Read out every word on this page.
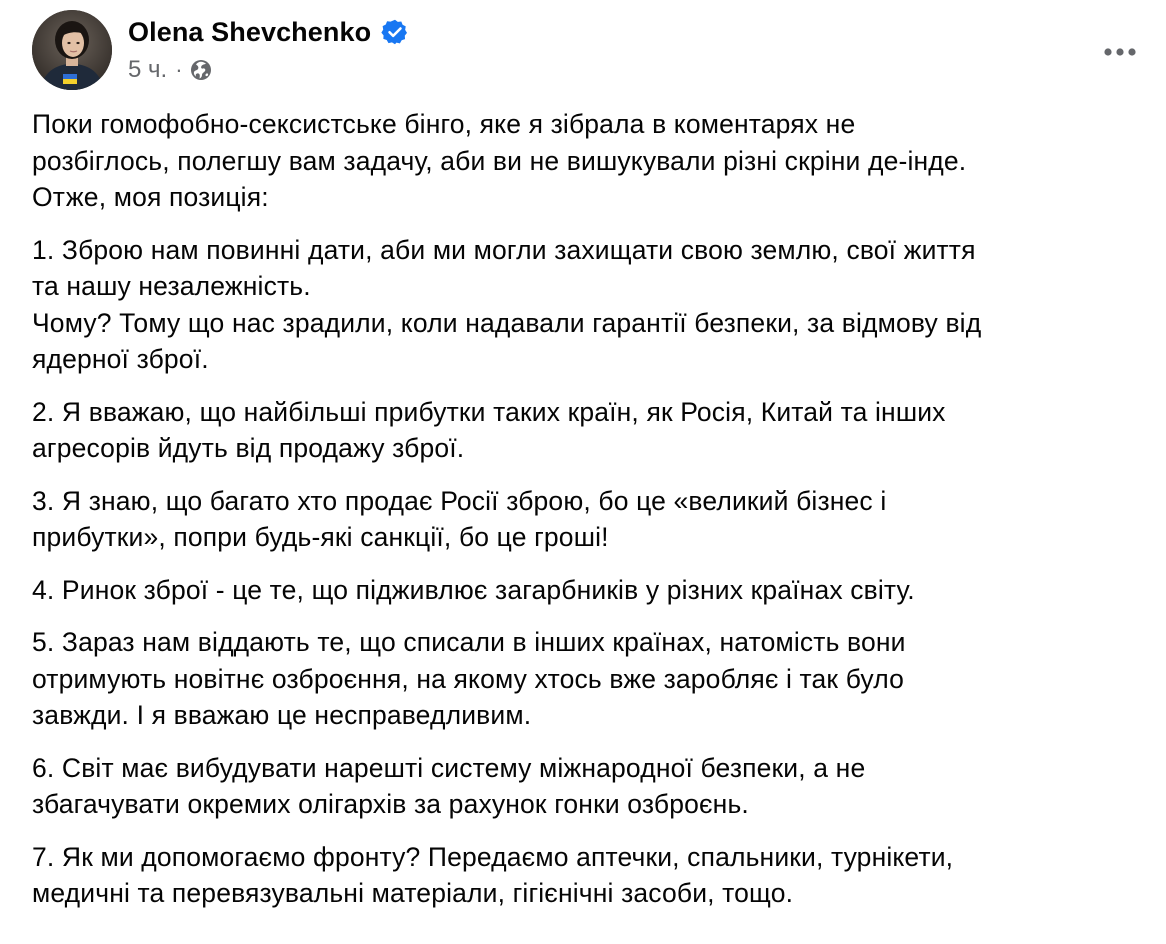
Olena Shevchenko
5 ч. ·

Поки гомофобно-сексистське бінго, яке я зібрала в коментарях не
розбіглось, полегшу вам задачу, аби ви не вишукували різні скріни де-інде.
Отже, моя позиція:

1. Зброю нам повинні дати, аби ми могли захищати свою землю, свої життя
та нашу незалежність.
Чому? Тому що нас зрадили, коли надавали гарантії безпеки, за відмову від
ядерної зброї.

2. Я вважаю, що найбільші прибутки таких країн, як Росія, Китай та інших
агресорів йдуть від продажу зброї.

3. Я знаю, що багато хто продає Росії зброю, бо це «великий бізнес і
прибутки», попри будь-які санкції, бо це гроші!

4. Ринок зброї - це те, що підживлює загарбників у різних країнах світу.

5. Зараз нам віддають те, що списали в інших країнах, натомість вони
отримують новітнє озброєння, на якому хтось вже заробляє і так було
завжди. І я вважаю це несправедливим.

6. Світ має вибудувати нарешті систему міжнародної безпеки, а не
збагачувати окремих олігархів за рахунок гонки озброєнь.

7. Як ми допомогаємо фронту? Передаємо аптечки, спальники, турнікети,
медичні та перевязувальні матеріали, гігієнічні засоби, тощо.
